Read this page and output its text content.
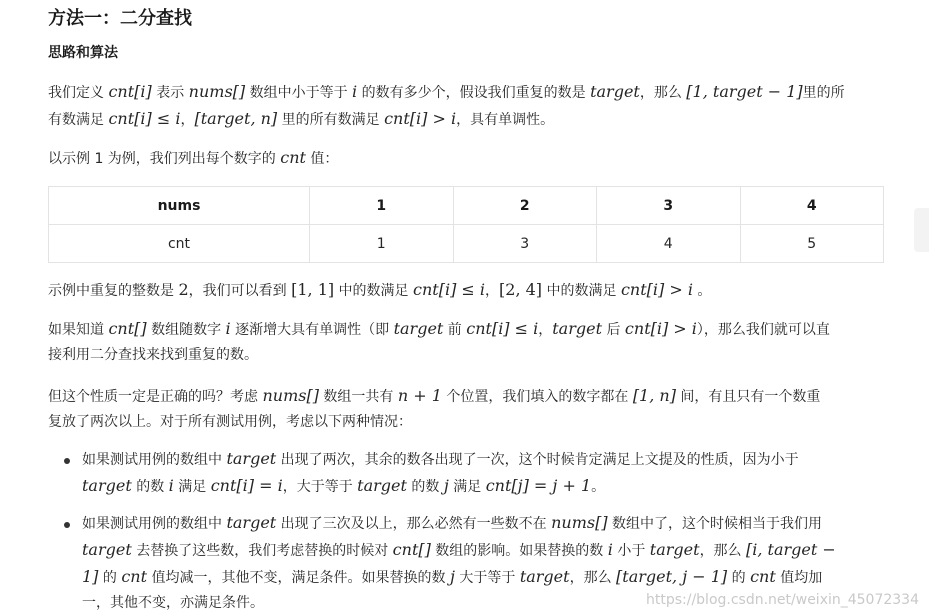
方法一：二分查找
思路和算法

我们定义 cnt[i] 表示 nums[] 数组中小于等于 i 的数有多少个，假设我们重复的数是 target，那么 [1, target − 1]里的所
有数满足 cnt[i] ≤ i，[target, n] 里的所有数满足 cnt[i] > i，具有单调性。

以示例 1 为例，我们列出每个数字的 cnt 值：

nums	1	2	3	4
cnt	1	3	4	5

示例中重复的整数是 2，我们可以看到 [1, 1] 中的数满足 cnt[i] ≤ i，[2, 4] 中的数满足 cnt[i] > i 。

如果知道 cnt[] 数组随数字 i 逐渐增大具有单调性（即 target 前 cnt[i] ≤ i，target 后 cnt[i] > i），那么我们就可以直
接利用二分查找来找到重复的数。

但这个性质一定是正确的吗？考虑 nums[] 数组一共有 n + 1 个位置，我们填入的数字都在 [1, n] 间，有且只有一个数重
复放了两次以上。对于所有测试用例，考虑以下两种情况：

如果测试用例的数组中 target 出现了两次，其余的数各出现了一次，这个时候肯定满足上文提及的性质，因为小于
target 的数 i 满足 cnt[i] = i，大于等于 target 的数 j 满足 cnt[j] = j + 1。

如果测试用例的数组中 target 出现了三次及以上，那么必然有一些数不在 nums[] 数组中了，这个时候相当于我们用
target 去替换了这些数，我们考虑替换的时候对 cnt[] 数组的影响。如果替换的数 i 小于 target，那么 [i, target −
1] 的 cnt 值均减一，其他不变，满足条件。如果替换的数 j 大于等于 target，那么 [target, j − 1] 的 cnt 值均加
一，其他不变，亦满足条件。	https://blog.csdn.net/weixin_45072334
